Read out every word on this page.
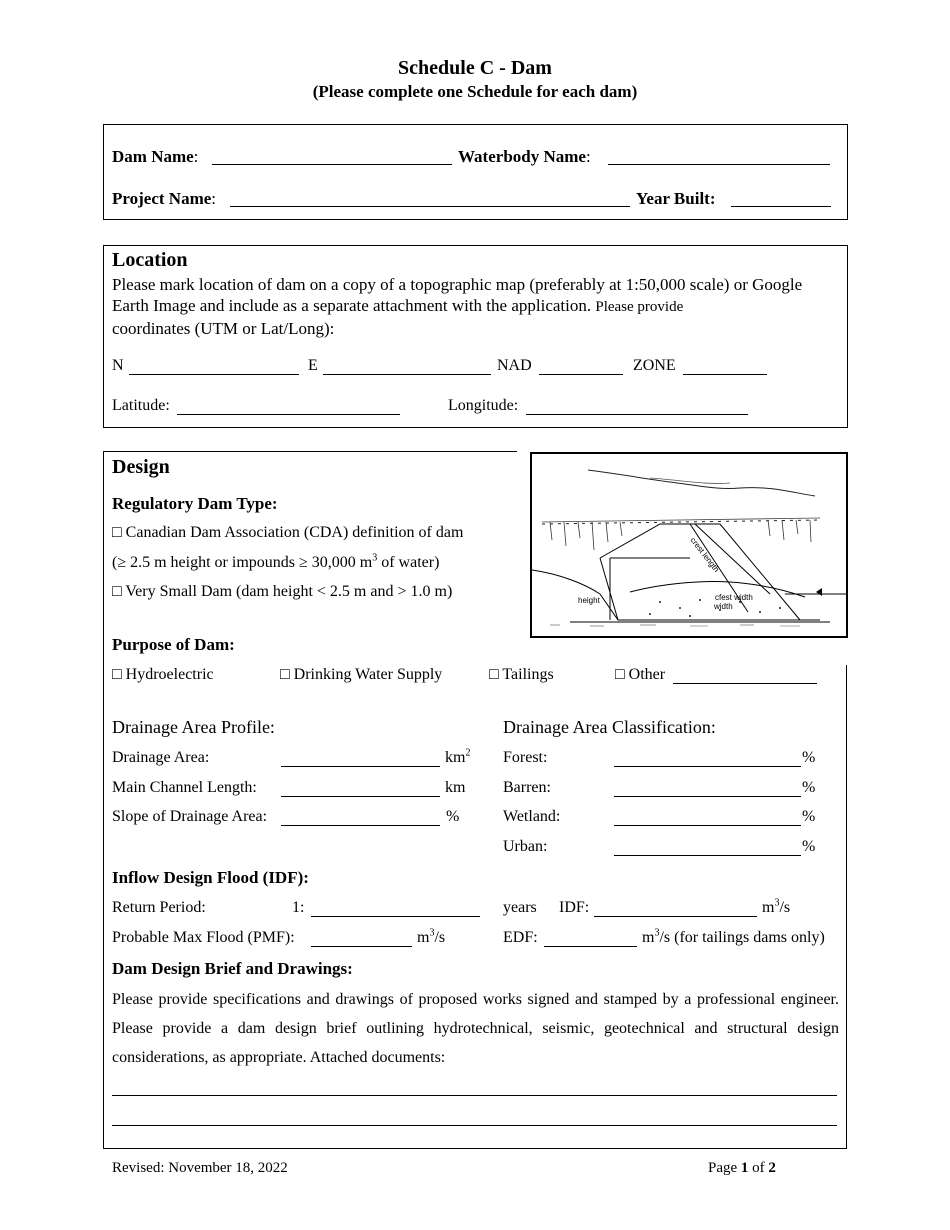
Schedule C - Dam
(Please complete one Schedule for each dam)
Dam Name:	Waterbody Name:
Project Name:	Year Built:
Location
Please mark location of dam on a copy of a topographic map (preferably at 1:50,000 scale) or Google Earth Image and include as a separate attachment with the application. Please provide
coordinates (UTM or Lat/Long):
N	E	NAD	ZONE
Latitude:	Longitude:
crest length
cfest width
width
height
Design
Regulatory Dam Type:
□ Canadian Dam Association (CDA) definition of dam
(≥ 2.5 m height or impounds ≥ 30,000 $m^3$ of water)
□ Very Small Dam (dam height < 2.5 m and > 1.0 m)
Purpose of Dam:
□ Hydroelectric	□ Drinking Water Supply	□ Tailings	□ Other
Drainage Area Profile:
Drainage Area:	$km^2$
Main Channel Length:	km
Slope of Drainage Area:	%
Drainage Area Classification:
Forest:	%
Barren:	%
Wetland:	%
Urban:	%
Inflow Design Flood (IDF):
Return Period:	1:	years IDF:	$m^3/s$
Probable Max Flood (PMF):	$m^3/s$	EDF:	$m^3/s$ (for tailings dams only)
Dam Design Brief and Drawings:
Please provide specifications and drawings of proposed works signed and stamped by a professional engineer. Please provide a dam design brief outlining hydrotechnical, seismic, geotechnical and structural design considerations, as appropriate. Attached documents:
Revised: November 18, 2022	Page 1 of 2
